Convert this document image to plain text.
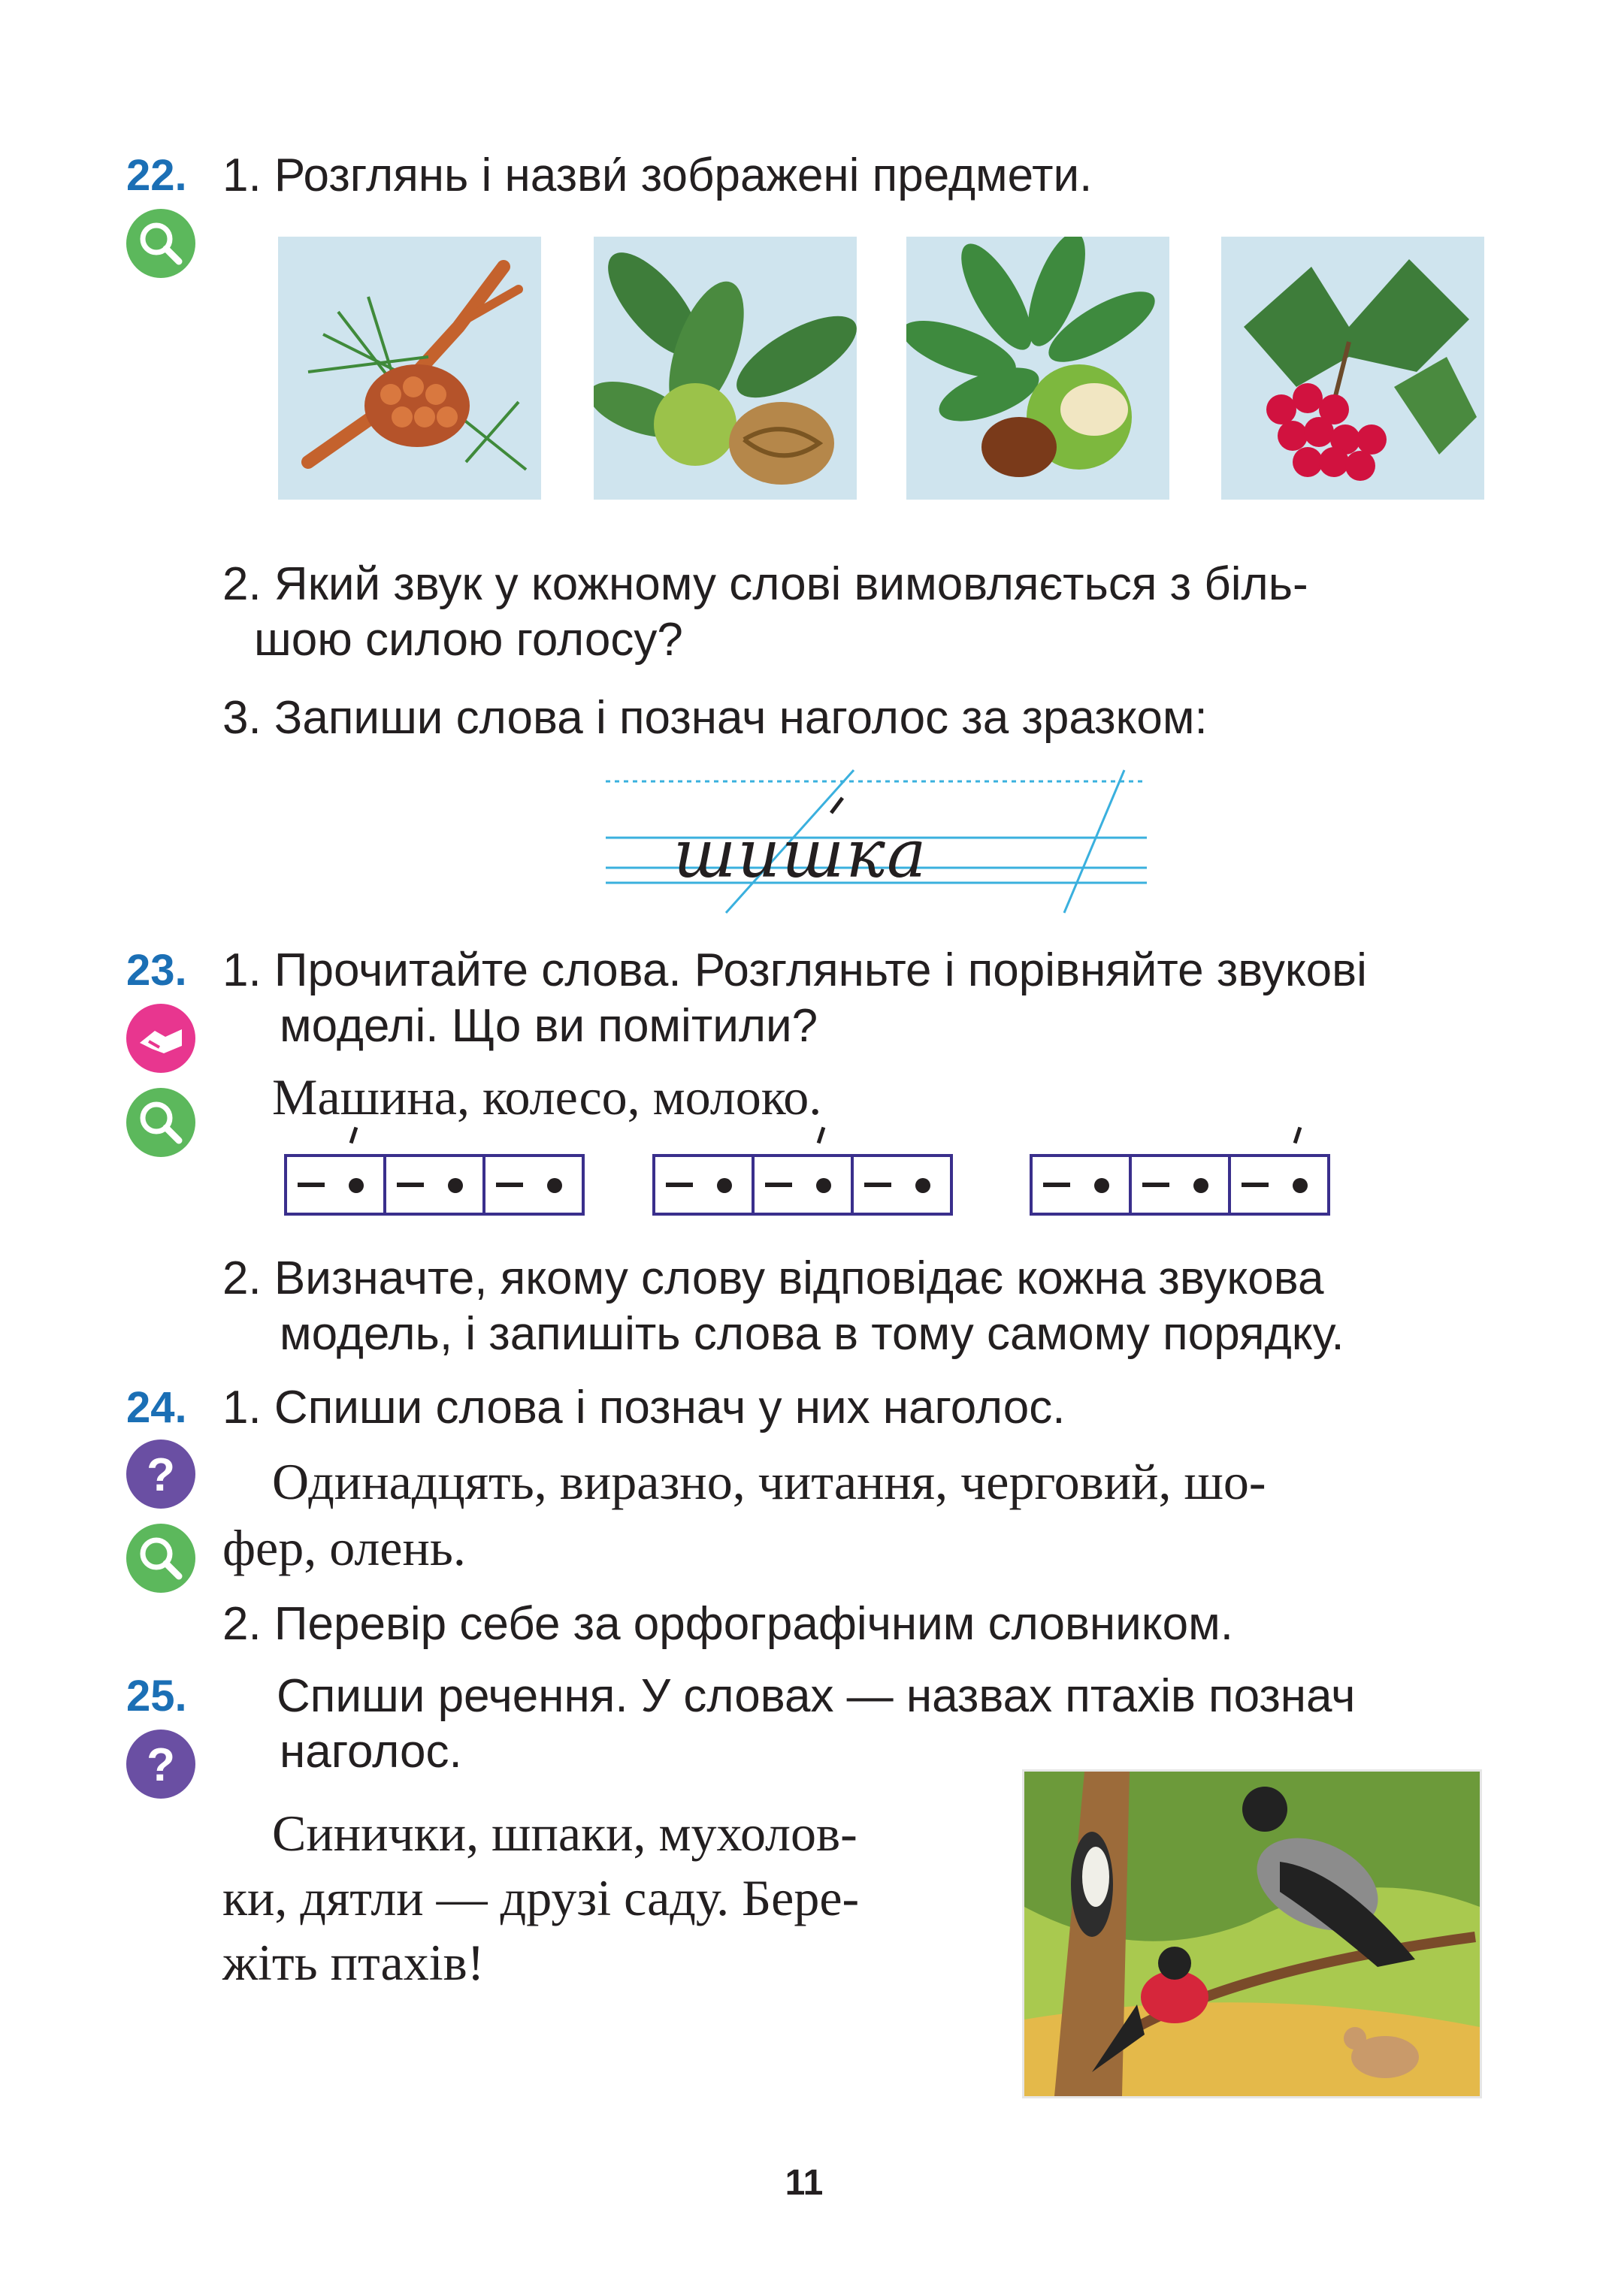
22. 1. Розглянь і назви́ зображені предмети.
2. Який звук у кожному слові вимовляється з біль-
шою силою голосу?
3. Запиши слова і познач наголос за зразком:
шишка
23. 1. Прочитайте слова. Розгляньте і порівняйте звукові
моделі. Що ви помітили?
Машина, колесо, молоко.
2. Визначте, якому слову відповідає кожна звукова
модель, і запишіть слова в тому самому порядку.
24.
?
1. Спиши слова і познач у них наголос.
Одинадцять, виразно, читання, черговий, шо-
фер, олень.
2. Перевір себе за орфографічним словником.
25.
?
Спиши речення. У словах — назвах птахів познач
наголос.
Синички, шпаки, мухолов-
ки, дятли — друзі саду. Бере-
жіть птахів!
11
